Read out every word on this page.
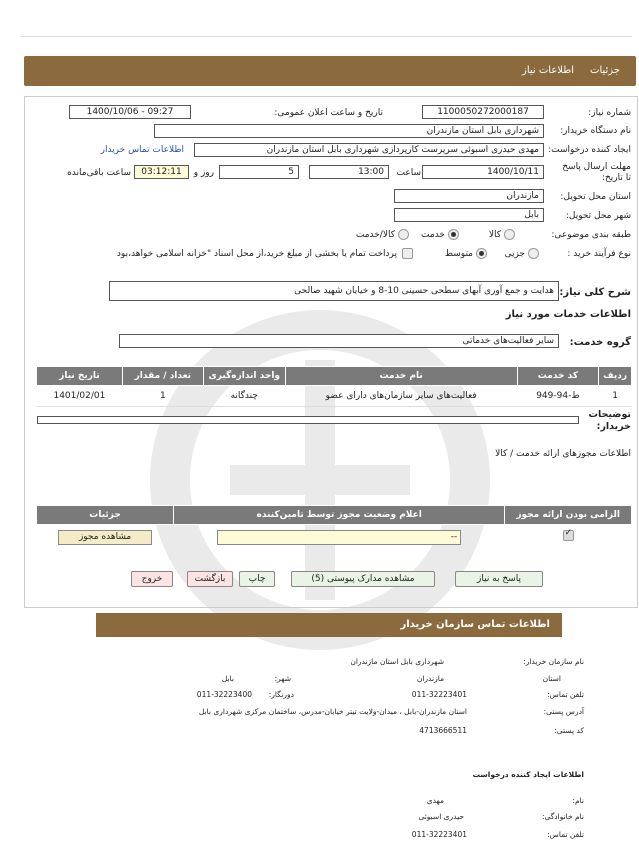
جزئیات
اطلاعات نیاز
شماره نیاز:
1100050272000187
تاریخ و ساعت اعلان عمومی:
1400/10/06 - 09:27
نام دستگاه خریدار:
شهرداری بابل استان مازندران
ایجاد کننده درخواست:
مهدی حیدری اسبوئی سرپرست کارپردازی شهرداری بابل استان مازندران
اطلاعات تماس خریدار
مهلت ارسال پاسخ تا تاریخ:
1400/10/11
ساعت
13:00
5
روز و
03:12:11
ساعت باقی‌مانده
استان محل تحویل:
مازندران
شهر محل تحویل:
بابل
طبقه بندی موضوعی:
کالا
خدمت
کالا/خدمت
نوع فرآیند خرید :
جزیی
متوسط
پرداخت تمام یا بخشی از مبلغ خرید،از محل اسناد "خزانه اسلامی خواهد،بود
شرح کلی نیاز:
هدایت و جمع آوری آبهای سطحی حسینی 10-8 و خیابان شهید صالحی
اطلاعات خدمات مورد نیاز
گروه خدمت:
سایر فعالیت‌های خدماتی
ردیف	کد خدمت	نام خدمت	واحد اندازه‌گیری	تعداد / مقدار	تاریخ نیاز
1	ط-94-949	فعالیت‌های سایر سازمان‌های دارای عضو	چندگانه	1	1401/02/01
توضیحات خریدار:
اطلاعات مجوزهای ارائه خدمت / کالا
الزامی بودن ارائه مجوز	اعلام وضعیت مجوز توسط تامین‌کننده	جزئیات

✓	--	مشاهده مجوز
پاسخ به نیاز
مشاهده مدارک پیوستی (5)
چاپ
بازگشت
خروج
اطلاعات تماس سازمان خریدار
نام سازمان خریدار:
شهرداری بابل استان مازندران
استان
مازندران
شهر:
بابل
تلفن تماس:
011-32223401
دورنگار:
011-32223400
آدرس پستی:
استان مازندران-بابل ، میدان-ولایت تیتر خیابان-مدرس، ساختمان مرکزی شهرداری بابل
کد پستی:
4713666511
اطلاعات ایجاد کننده درخواست
نام:
مهدی
نام خانوادگی:
حیدری اسبوئی
تلفن تماس:
011-32223401
